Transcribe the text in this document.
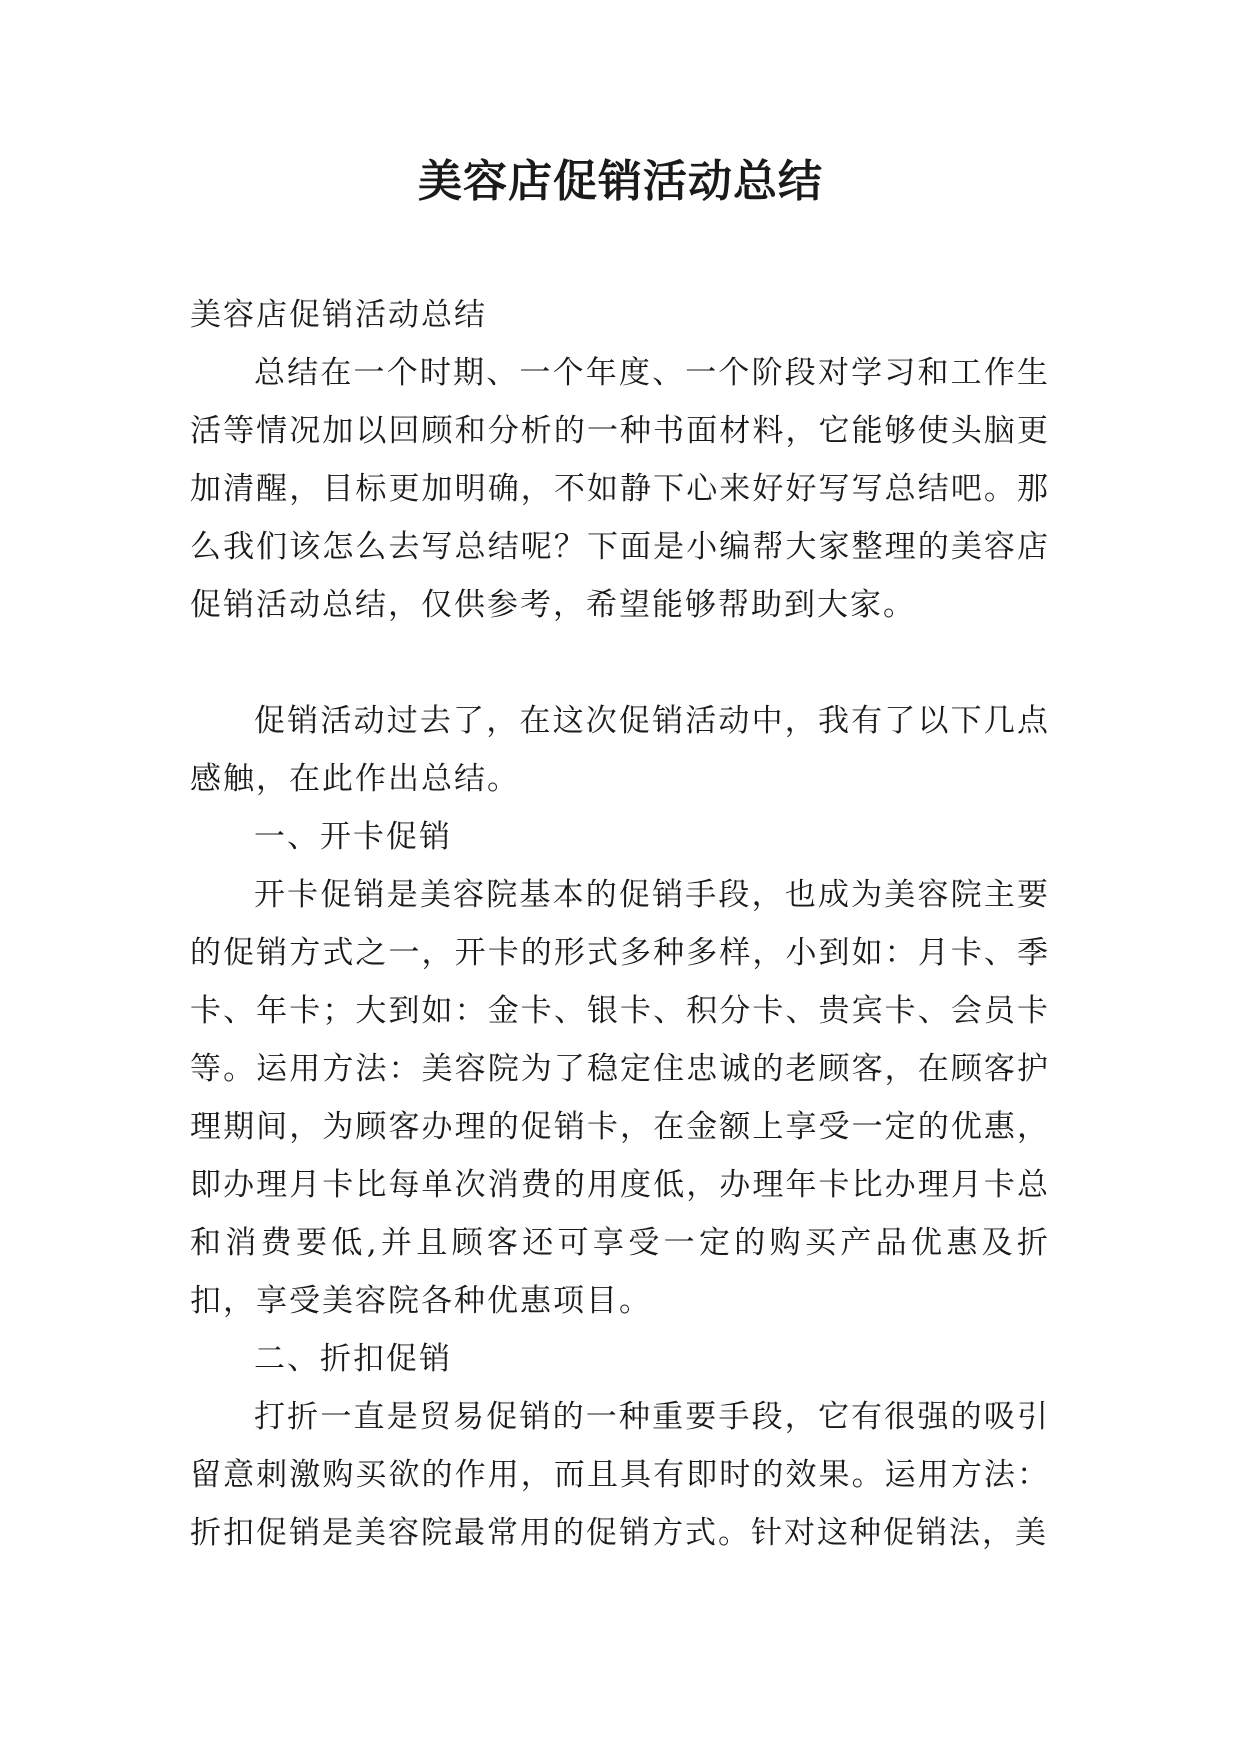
美容店促销活动总结

美容店促销活动总结

总结在一个时期、一个年度、一个阶段对学习和工作生活等情况加以回顾和分析的一种书面材料，它能够使头脑更加清醒，目标更加明确，不如静下心来好好写写总结吧。那么我们该怎么去写总结呢？下面是小编帮大家整理的美容店促销活动总结，仅供参考，希望能够帮助到大家。

促销活动过去了，在这次促销活动中，我有了以下几点感触，在此作出总结。

一、开卡促销

开卡促销是美容院基本的促销手段，也成为美容院主要的促销方式之一，开卡的形式多种多样，小到如：月卡、季卡、年卡；大到如：金卡、银卡、积分卡、贵宾卡、会员卡等。运用方法：美容院为了稳定住忠诚的老顾客，在顾客护理期间，为顾客办理的促销卡，在金额上享受一定的优惠，即办理月卡比每单次消费的用度低，办理年卡比办理月卡总和消费要低,并且顾客还可享受一定的购买产品优惠及折扣，享受美容院各种优惠项目。

二、折扣促销

打折一直是贸易促销的一种重要手段，它有很强的吸引留意刺激购买欲的作用，而且具有即时的效果。运用方法：折扣促销是美容院最常用的促销方式。针对这种促销法，美
